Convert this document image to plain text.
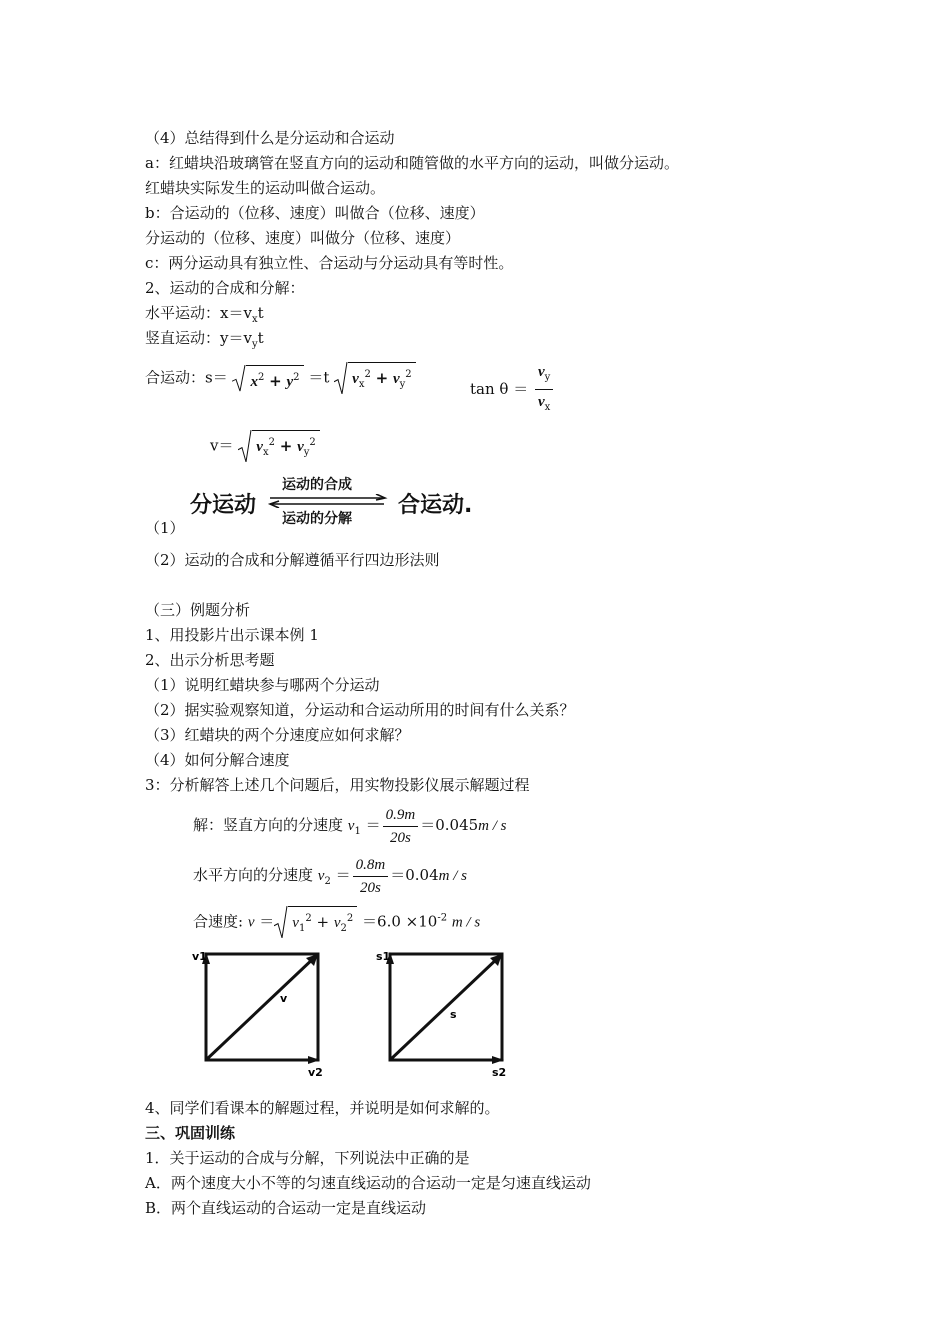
（4）总结得到什么是分运动和合运动
a：红蜡块沿玻璃管在竖直方向的运动和随管做的水平方向的运动，叫做分运动。
红蜡块实际发生的运动叫做合运动。
b：合运动的（位移、速度）叫做合（位移、速度）
分运动的（位移、速度）叫做分（位移、速度）
c：两分运动具有独立性、合运动与分运动具有等时性。
2、运动的合成和分解：
水平运动：$x=v_xt$
竖直运动：$y=v_yt$
合运动：$s= x^2 + y^2 =t$ $v_x^2 + v_y^2$
$\tan \theta = \frac{v_y}{v_x}$
$v= v_x^2 + v_y^2$
分运动
运动的合成
运动的分解
合运动.
（1）
（2）运动的合成和分解遵循平行四边形法则
（三）例题分析
1、用投影片出示课本例 1
2、出示分析思考题
（1）说明红蜡块参与哪两个分运动
（2）据实验观察知道，分运动和合运动所用的时间有什么关系？
（3）红蜡块的两个分速度应如何求解？
（4）如何分解合速度
3：分析解答上述几个问题后，用实物投影仪展示解题过程
解：竖直方向的分速度 $v_1 = \frac{0.9m}{20s} =0.045m / s$
水平方向的分速度 $v_2 = \frac{0.8m}{20s} =0.04m / s$
合速度: $v = v_1^2 + v_2^2 =6.0 \times 10^{-2}$ m / s
v1
v2
v
s1
s2
s
4、同学们看课本的解题过程，并说明是如何求解的。
三、巩固训练
1．关于运动的合成与分解，下列说法中正确的是
A．两个速度大小不等的匀速直线运动的合运动一定是匀速直线运动
B．两个直线运动的合运动一定是直线运动
